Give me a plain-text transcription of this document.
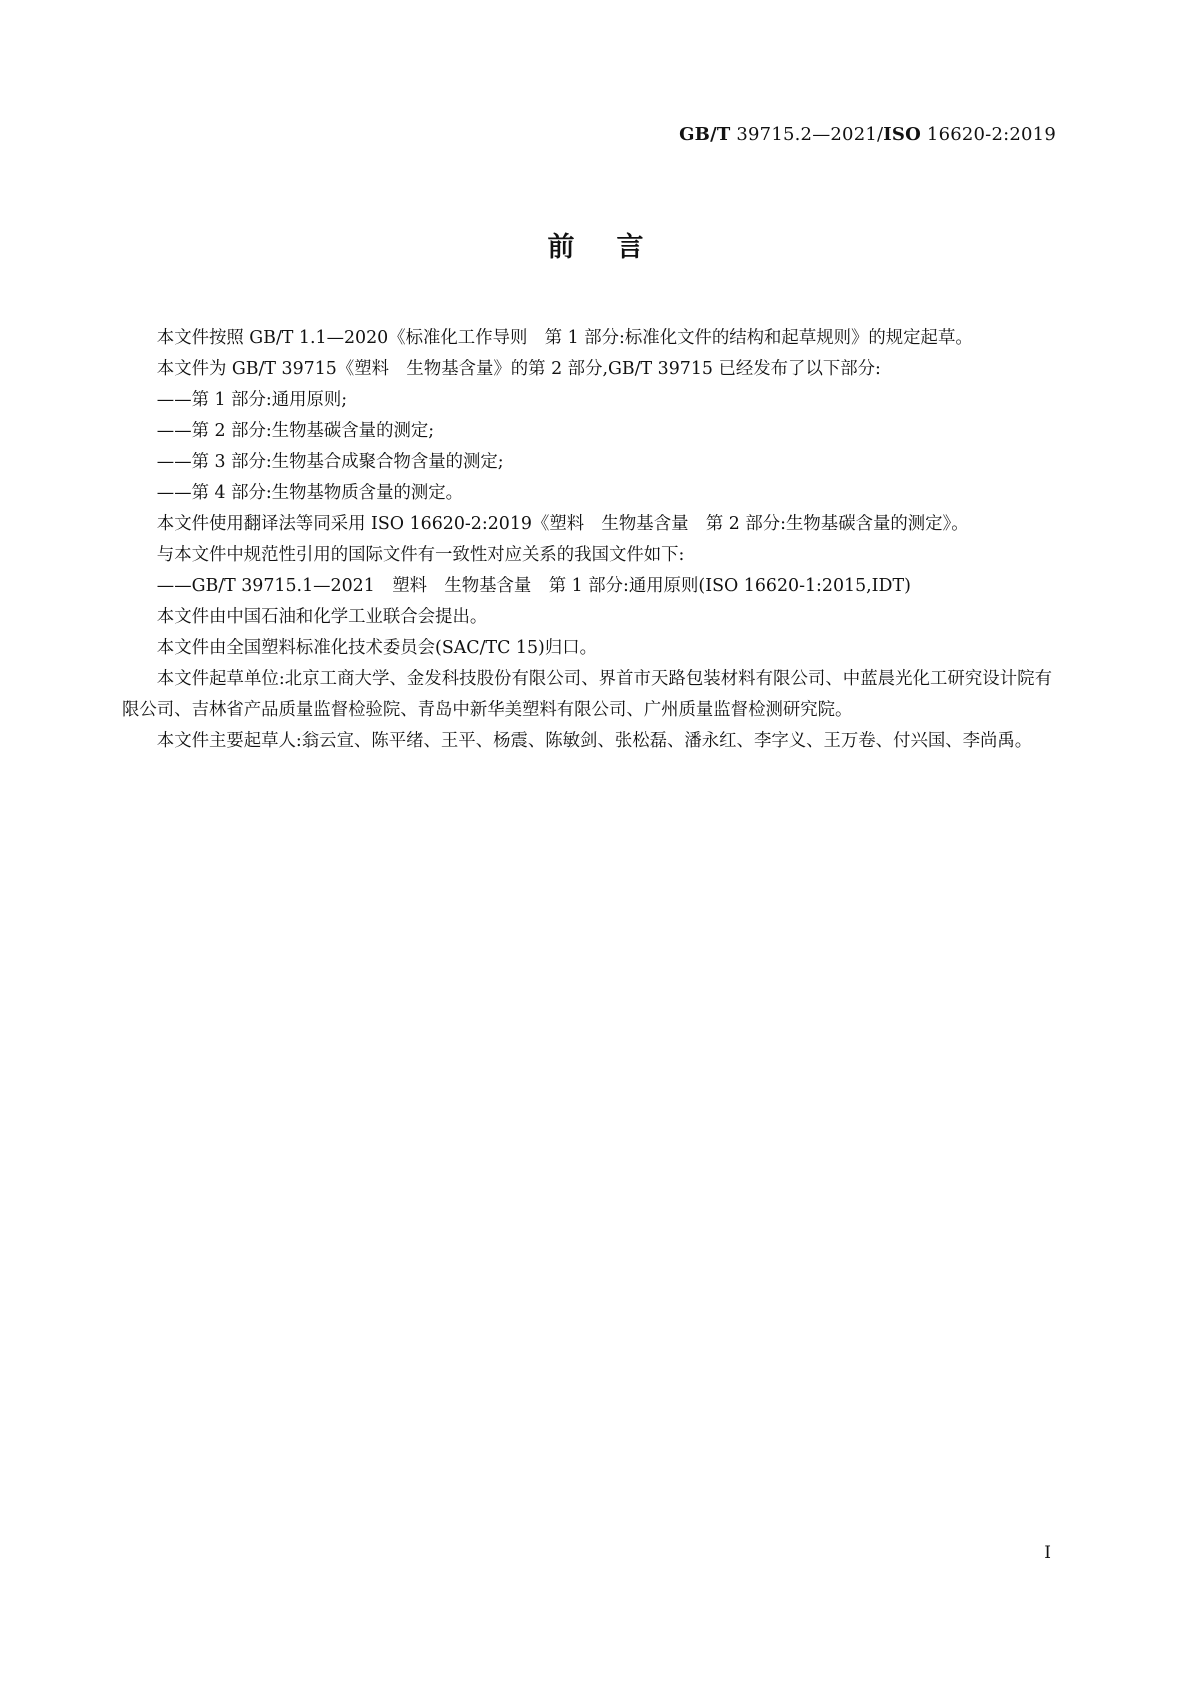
GB/T 39715.2—2021/ISO 16620-2:2019
前言

本文件按照 GB/T 1.1—2020《标准化工作导则　第 1 部分:标准化文件的结构和起草规则》的规定起草。

本文件为 GB/T 39715《塑料　生物基含量》的第 2 部分,GB/T 39715 已经发布了以下部分:

——第 1 部分:通用原则;

——第 2 部分:生物基碳含量的测定;

——第 3 部分:生物基合成聚合物含量的测定;

——第 4 部分:生物基物质含量的测定。

本文件使用翻译法等同采用 ISO 16620-2:2019《塑料　生物基含量　第 2 部分:生物基碳含量的测定》。

与本文件中规范性引用的国际文件有一致性对应关系的我国文件如下:

——GB/T 39715.1—2021　塑料　生物基含量　第 1 部分:通用原则(ISO 16620-1:2015,IDT)

本文件由中国石油和化学工业联合会提出。

本文件由全国塑料标准化技术委员会(SAC/TC 15)归口。

本文件起草单位:北京工商大学、金发科技股份有限公司、界首市天路包装材料有限公司、中蓝晨光化工研究设计院有限公司、吉林省产品质量监督检验院、青岛中新华美塑料有限公司、广州质量监督检测研究院。

本文件主要起草人:翁云宣、陈平绪、王平、杨震、陈敏剑、张松磊、潘永红、李字义、王万卷、付兴国、李尚禹。

I
